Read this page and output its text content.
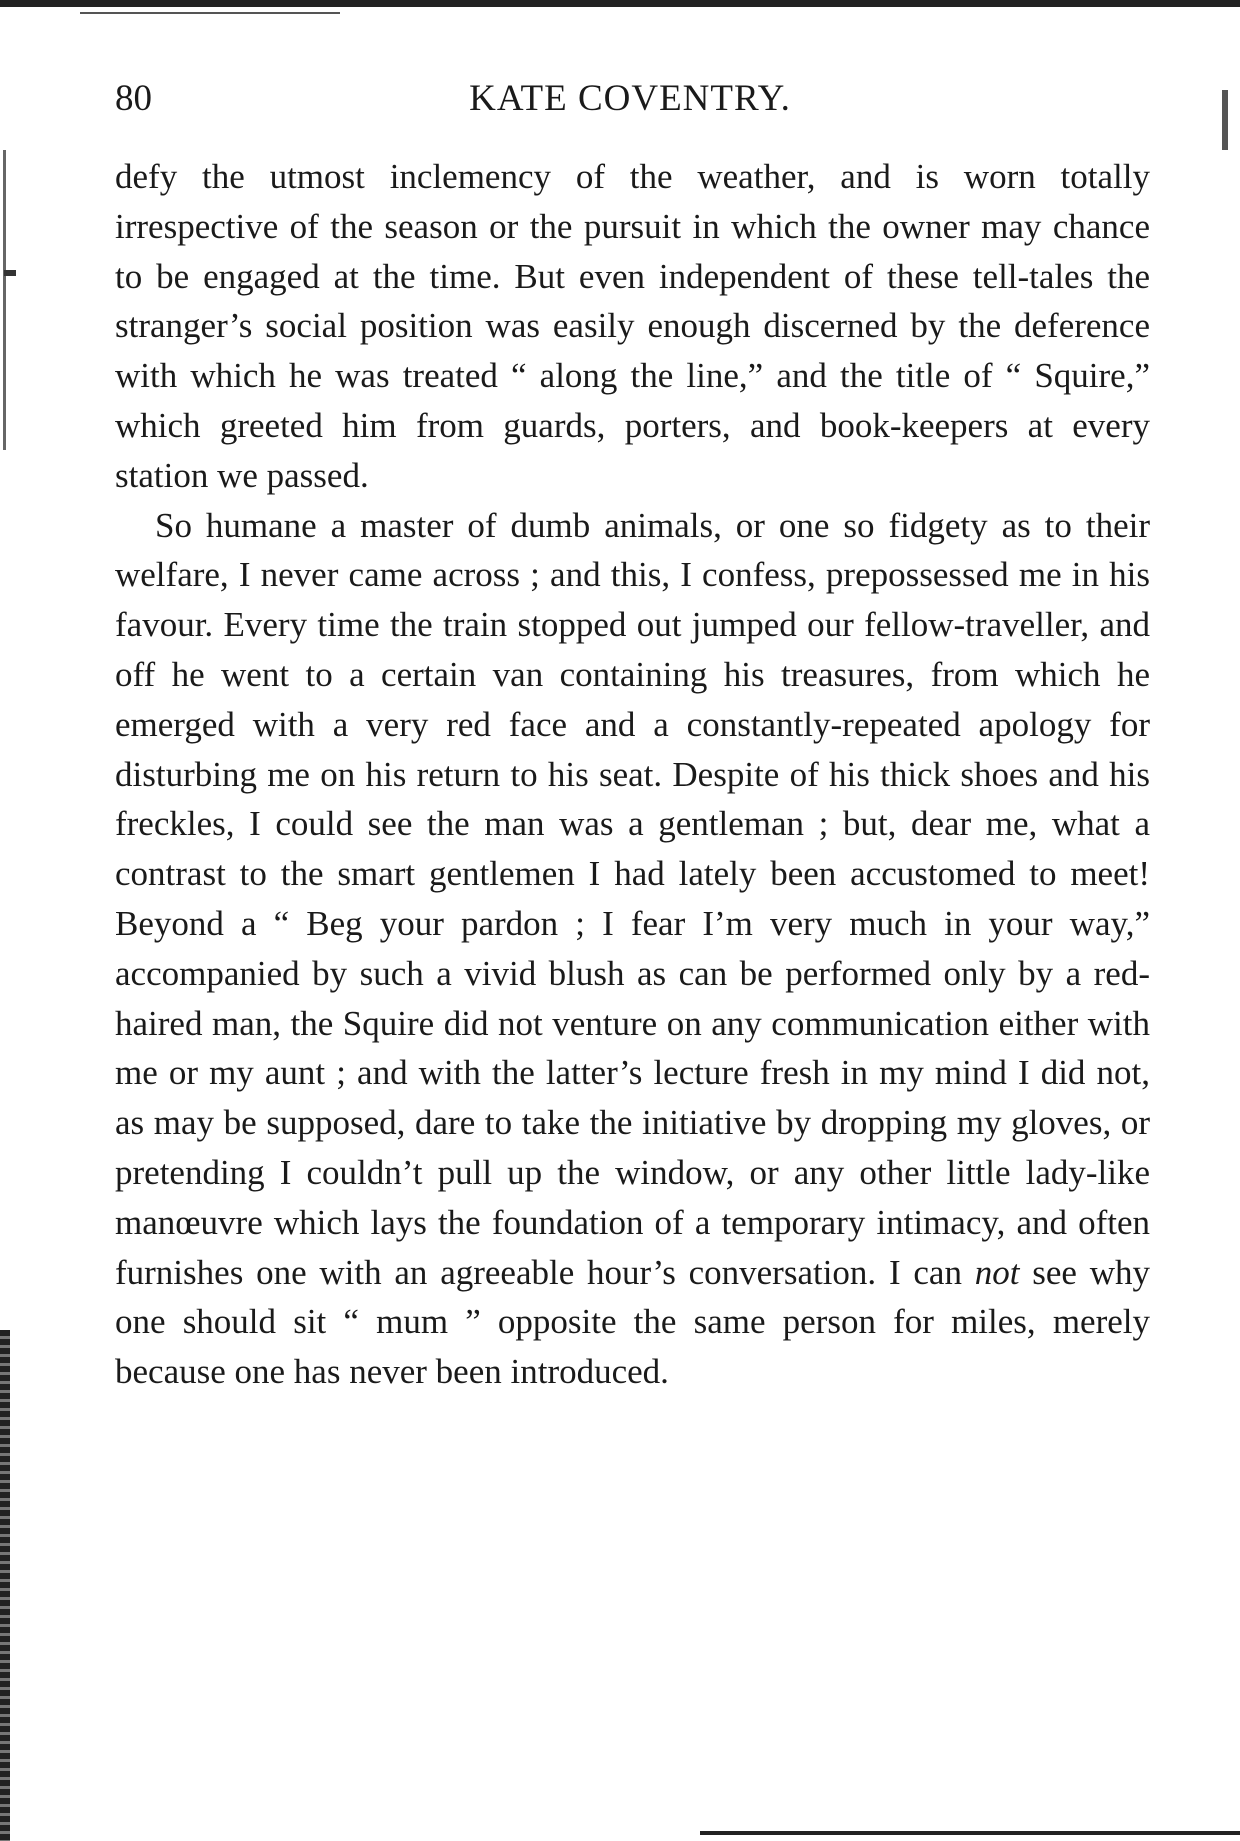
80	KATE COVENTRY.

defy the utmost inclemency of the weather, and is worn totally irrespective of the season or the pursuit in which the owner may chance to be engaged at the time. But even independent of these tell-tales the stranger’s social position was easily enough discerned by the deference with which he was treated “ along the line,” and the title of “ Squire,” which greeted him from guards, porters, and book-keepers at every station we passed.

So humane a master of dumb animals, or one so fidgety as to their welfare, I never came across ; and this, I confess, prepossessed me in his favour. Every time the train stopped out jumped our fellow-traveller, and off he went to a certain van containing his treasures, from which he emerged with a very red face and a constantly-repeated apology for disturbing me on his return to his seat. Despite of his thick shoes and his freckles, I could see the man was a gentleman ; but, dear me, what a contrast to the smart gentlemen I had lately been accustomed to meet! Beyond a “ Beg your pardon ; I fear I’m very much in your way,” accompanied by such a vivid blush as can be performed only by a red-haired man, the Squire did not venture on any communication either with me or my aunt ; and with the latter’s lecture fresh in my mind I did not, as may be supposed, dare to take the initiative by dropping my gloves, or pretending I couldn’t pull up the window, or any other little lady-like manœuvre which lays the foundation of a temporary intimacy, and often furnishes one with an agreeable hour’s conversation. I can not see why one should sit “ mum ” opposite the same person for miles, merely because one has never been introduced.
